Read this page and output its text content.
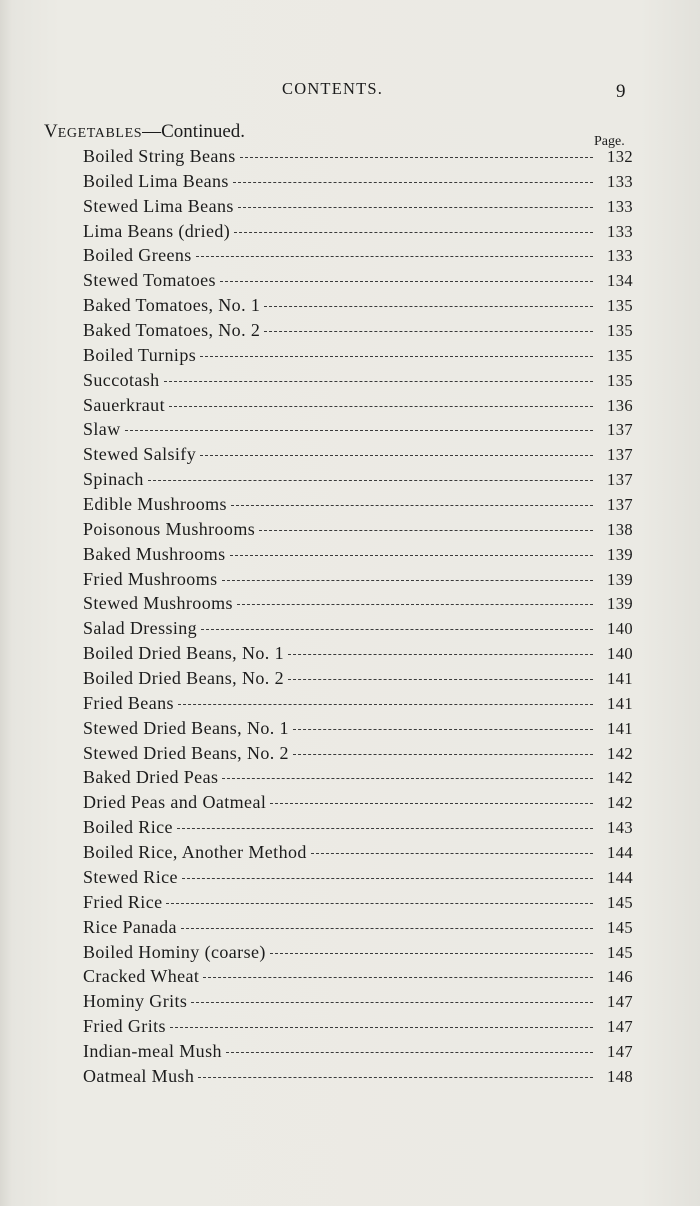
CONTENTS.	9
VEGETABLES—Continued.	Page.
Boiled String Beans	132
Boiled Lima Beans	133
Stewed Lima Beans	133
Lima Beans (dried)	133
Boiled Greens	133
Stewed Tomatoes	134
Baked Tomatoes, No. 1	135
Baked Tomatoes, No. 2	135
Boiled Turnips	135
Succotash	135
Sauerkraut	136
Slaw	137
Stewed Salsify	137
Spinach	137
Edible Mushrooms	137
Poisonous Mushrooms	138
Baked Mushrooms	139
Fried Mushrooms	139
Stewed Mushrooms	139
Salad Dressing	140
Boiled Dried Beans, No. 1	140
Boiled Dried Beans, No. 2	141
Fried Beans	141
Stewed Dried Beans, No. 1	141
Stewed Dried Beans, No. 2	142
Baked Dried Peas	142
Dried Peas and Oatmeal	142
Boiled Rice	143
Boiled Rice, Another Method	144
Stewed Rice	144
Fried Rice	145
Rice Panada	145
Boiled Hominy (coarse)	145
Cracked Wheat	146
Hominy Grits	147
Fried Grits	147
Indian-meal Mush	147
Oatmeal Mush	148
